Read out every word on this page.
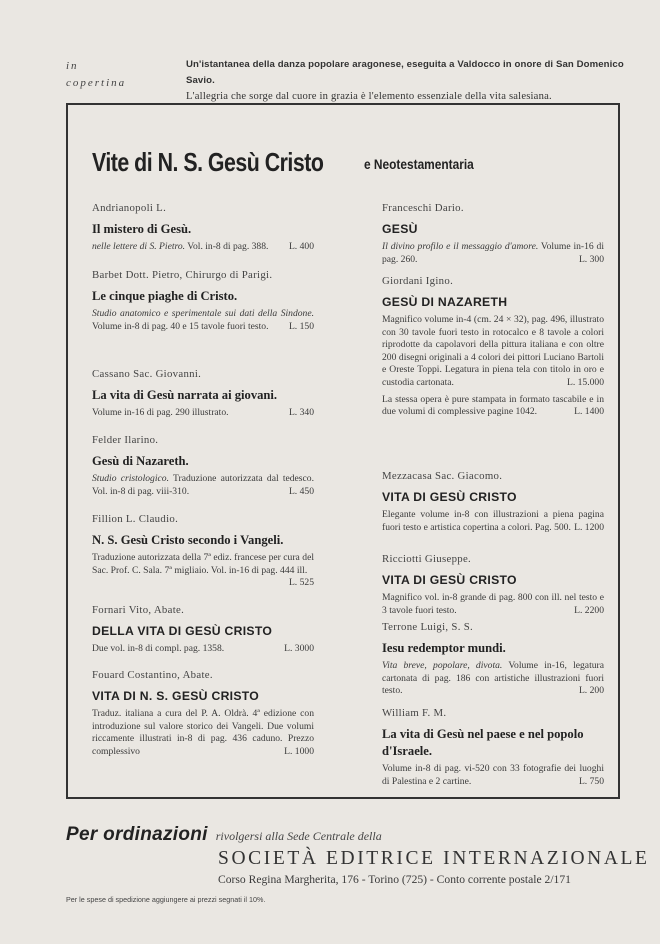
in
copertina
Un'istantanea della danza popolare aragonese, eseguita a Valdocco in onore di San Domenico Savio.
L'allegria che sorge dal cuore in grazia è l'elemento essenziale della vita salesiana.
Vite di N. S. Gesù Cristo	e Neotestamentaria
Andrianopoli L.
Il mistero di Gesù.
nelle lettere di S. Pietro. Vol. in-8 di pag. 388. L. 400
Barbet Dott. Pietro, Chirurgo di Parigi.
Le cinque piaghe di Cristo.
Studio anatomico e sperimentale sui dati della Sindone. Volume in-8 di pag. 40 e 15 tavole fuori testo. L. 150
Cassano Sac. Giovanni.
La vita di Gesù narrata ai giovani.
Volume in-16 di pag. 290 illustrato.	L. 340
Felder Ilarino.
Gesù di Nazareth.
Studio cristologico. Traduzione autorizzata dal tedesco. Vol. in-8 di pag. viii-310.	L. 450
Fillion L. Claudio.
N. S. Gesù Cristo secondo i Vangeli.
Traduzione autorizzata della 7ª ediz. francese per cura del Sac. Prof. C. Sala. 7ª migliaio. Vol. in-16 di pag. 444 ill.
L. 525
Fornari Vito, Abate.
DELLA VITA DI GESÙ CRISTO
Due vol. in-8 di compl. pag. 1358.	L. 3000
Fouard Costantino, Abate.
VITA DI N. S. GESÙ CRISTO
Traduz. italiana a cura del P. A. Oldrà. 4ª edizione con introduzione sul valore storico dei Vangeli. Due volumi riccamente illustrati in-8 di pag. 436 caduno. Prezzo complessivo	L. 1000
Franceschi Dario.
GESÙ
Il divino profilo e il messaggio d'amore. Volume in-16 di pag. 260.	L. 300
Giordani Igino.
GESÙ DI NAZARETH
Magnifico volume in-4 (cm. 24 × 32), pag. 496, illustrato con 30 tavole fuori testo in rotocalco e 8 tavole a colori riprodotte da capolavori della pittura italiana e con oltre 200 disegni originali a 4 colori dei pittori Luciano Bartoli e Oreste Toppi. Legatura in piena tela con titolo in oro e custodia cartonata.	L. 15.000
La stessa opera è pure stampata in formato tascabile e in due volumi di complessive pagine 1042.	L. 1400
Mezzacasa Sac. Giacomo.
VITA DI GESÙ CRISTO
Elegante volume in-8 con illustrazioni a piena pagina fuori testo e artistica copertina a colori. Pag. 500. L. 1200
Ricciotti Giuseppe.
VITA DI GESÙ CRISTO
Magnifico vol. in-8 grande di pag. 800 con ill. nel testo e 3 tavole fuori testo.	L. 2200
Terrone Luigi, S. S.
Iesu redemptor mundi.
Vita breve, popolare, divota. Volume in-16, legatura cartonata di pag. 186 con artistiche illustrazioni fuori testo.	L. 200
William F. M.
La vita di Gesù nel paese e nel popolo d'Israele.
Volume in-8 di pag. vi-520 con 33 fotografie dei luoghi di Palestina e 2 cartine.	L. 750
Per ordinazioni rivolgersi alla Sede Centrale della
SOCIETÀ EDITRICE INTERNAZIONALE
Corso Regina Margherita, 176 - Torino (725) - Conto corrente postale 2/171
Per le spese di spedizione aggiungere ai prezzi segnati il 10%.
